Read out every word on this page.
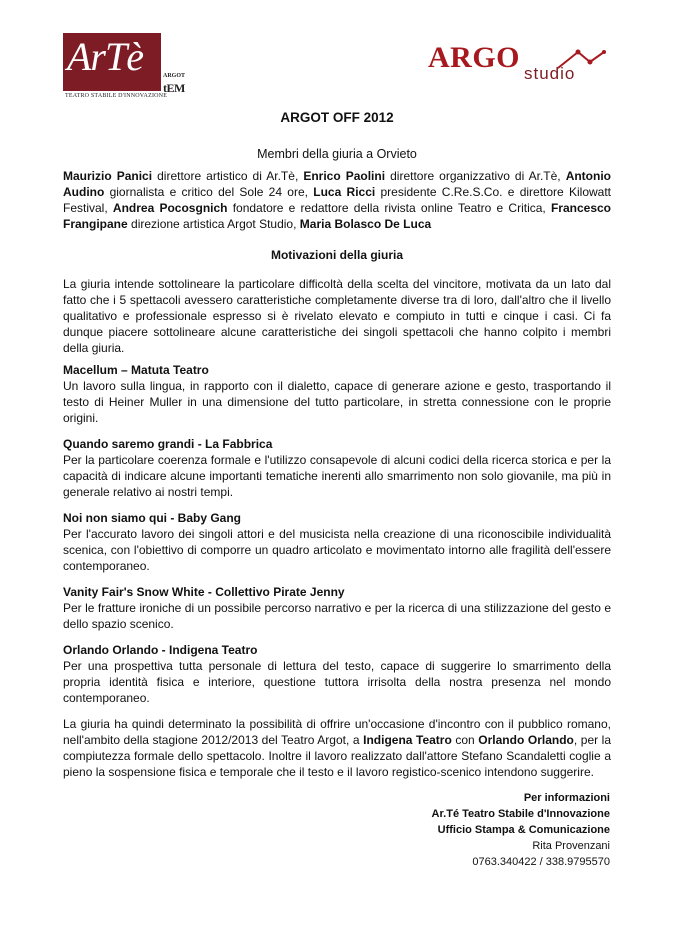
ArTè
TEATRO STABILE D'INNOVAZIONE
ARGOT
tEM
ARGO studio
ARGOT OFF 2012
Membri della giuria a Orvieto
Maurizio Panici direttore artistico di Ar.Tè, Enrico Paolini direttore organizzativo di Ar.Tè, Antonio Audino giornalista e critico del Sole 24 ore, Luca Ricci presidente C.Re.S.Co. e direttore Kilowatt Festival, Andrea Pocosgnich fondatore e redattore della rivista online Teatro e Critica, Francesco Frangipane direzione artistica Argot Studio, Maria Bolasco De Luca
Motivazioni della giuria
La giuria intende sottolineare la particolare difficoltà della scelta del vincitore, motivata da un lato dal fatto che i 5 spettacoli avessero caratteristiche completamente diverse tra di loro, dall'altro che il livello qualitativo e professionale espresso si è rivelato elevato e compiuto in tutti e cinque i casi. Ci fa dunque piacere sottolineare alcune caratteristiche dei singoli spettacoli che hanno colpito i membri della giuria.
Macellum – Matuta Teatro
Un lavoro sulla lingua, in rapporto con il dialetto, capace di generare azione e gesto, trasportando il testo di Heiner Muller in una dimensione del tutto particolare, in stretta connessione con le proprie origini.
Quando saremo grandi - La Fabbrica
Per la particolare coerenza formale e l'utilizzo consapevole di alcuni codici della ricerca storica e per la capacità di indicare alcune importanti tematiche inerenti allo smarrimento non solo giovanile, ma più in generale relativo ai nostri tempi.
Noi non siamo qui - Baby Gang
Per l'accurato lavoro dei singoli attori e del musicista nella creazione di una riconoscibile individualità scenica, con l'obiettivo di comporre un quadro articolato e movimentato intorno alle fragilità dell'essere contemporaneo.
Vanity Fair's Snow White - Collettivo Pirate Jenny
Per le fratture ironiche di un possibile percorso narrativo e per la ricerca di una stilizzazione del gesto e dello spazio scenico.
Orlando Orlando - Indigena Teatro
Per una prospettiva tutta personale di lettura del testo, capace di suggerire lo smarrimento della propria identità fisica e interiore, questione tuttora irrisolta della nostra presenza nel mondo contemporaneo.
La giuria ha quindi determinato la possibilità di offrire un'occasione d'incontro con il pubblico romano, nell'ambito della stagione 2012/2013 del Teatro Argot, a Indigena Teatro con Orlando Orlando, per la compiutezza formale dello spettacolo. Inoltre il lavoro realizzato dall'attore Stefano Scandaletti coglie a pieno la sospensione fisica e temporale che il testo e il lavoro registico-scenico intendono suggerire.
Per informazioni
Ar.Té Teatro Stabile d'Innovazione
Ufficio Stampa & Comunicazione
Rita Provenzani
0763.340422 / 338.9795570
